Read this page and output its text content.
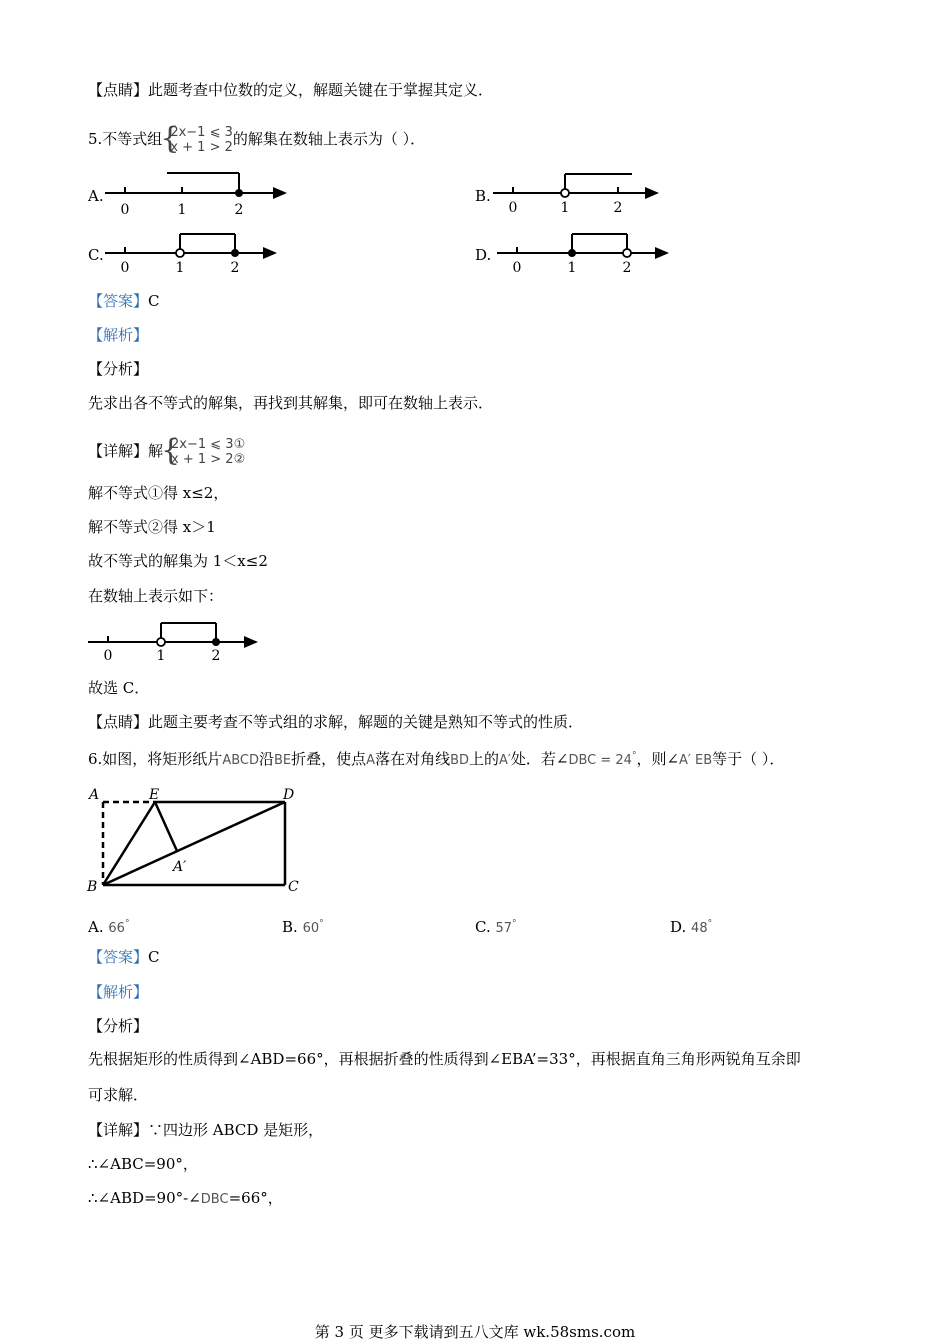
【点睛】此题考查中位数的定义，解题关键在于掌握其定义．
5.不等式组 { 2x−1 ⩽ 3
x + 1 > 2的解集在数轴上表示为（ ）．
A.
0	1	2
B.
0	1	2
C.
0	1	2
D.
0	1	2
【答案】C
【解析】
【分析】
先求出各不等式的解集，再找到其解集，即可在数轴上表示．
【详解】解 { 2x−1 ⩽ 3①
x + 1 > 2②
解不等式①得 x≤2，
解不等式②得 x＞1
故不等式的解集为 1＜x≤2
在数轴上表示如下：
0	1	2
故选 C．
【点睛】此题主要考查不等式组的求解，解题的关键是熟知不等式的性质．
6.如图，将矩形纸片ABCD沿BE折叠，使点A落在对角线BD上的A′处．若∠DBC = 24°，则∠A′ EB等于（ ）．
A	E	D
B	C
A′
A. 66°	B. 60°	C. 57°	D. 48°
【答案】C
【解析】
【分析】
先根据矩形的性质得到∠ABD=66°，再根据折叠的性质得到∠EBA’=33°，再根据直角三角形两锐角互余即
可求解．
【详解】∵四边形 ABCD 是矩形，
∴∠ABC=90°，
∴∠ABD=90°-∠DBC=66°，
第 3 页 更多下载请到五八文库 wk.58sms.com
